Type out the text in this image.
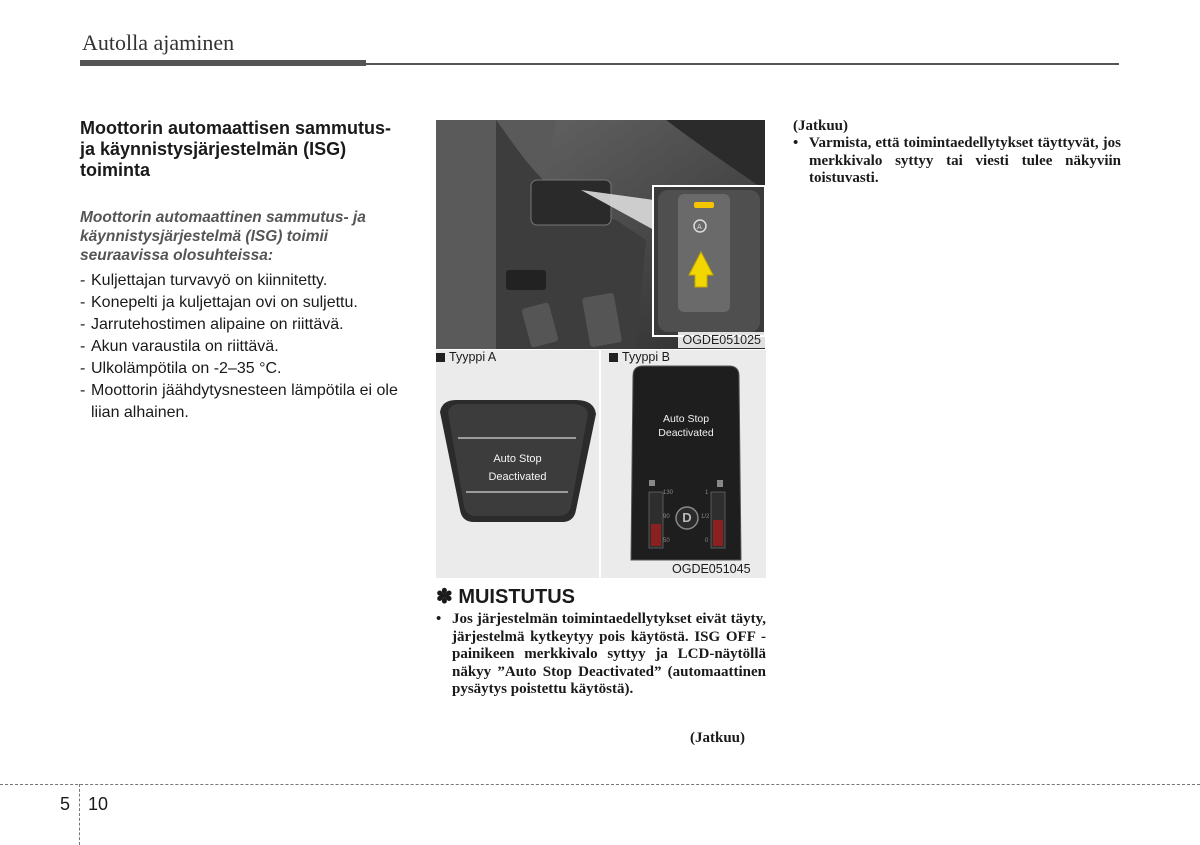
Autolla ajaminen
Moottorin automaattisen sammutus- ja käynnistysjärjestelmän (ISG) toiminta
Moottorin automaattinen sammutus- ja käynnistysjärjestelmä (ISG) toimii seuraavissa olosuhteissa:
- Kuljettajan turvavyö on kiinnitetty.
- Konepelti ja kuljettajan ovi on suljettu.
- Jarrutehostimen alipaine on riittävä.
- Akun varaustila on riittävä.
- Ulkolämpötila on -2–35 °C.
- Moottorin jäähdytysnesteen lämpötila ei ole liian alhainen.
A
OGDE051025
Tyyppi A
Auto Stop
Deactivated
Tyyppi B
Auto Stop
Deactivated
D
130
90
50
1
1/2
0
OGDE051045
✽ MUISTUTUS
• Jos järjestelmän toimintaedellytykset eivät täyty, järjestelmä kytkeytyy pois käytöstä. ISG OFF -painikeen merkkivalo syttyy ja LCD-näytöllä näkyy ”Auto Stop Deactivated” (automaattinen pysäytys poistettu käytöstä).
(Jatkuu)
(Jatkuu)
• Varmista, että toimintaedellytykset täyttyvät, jos merkkivalo syttyy tai viesti tulee näkyviin toistuvasti.
5 10
